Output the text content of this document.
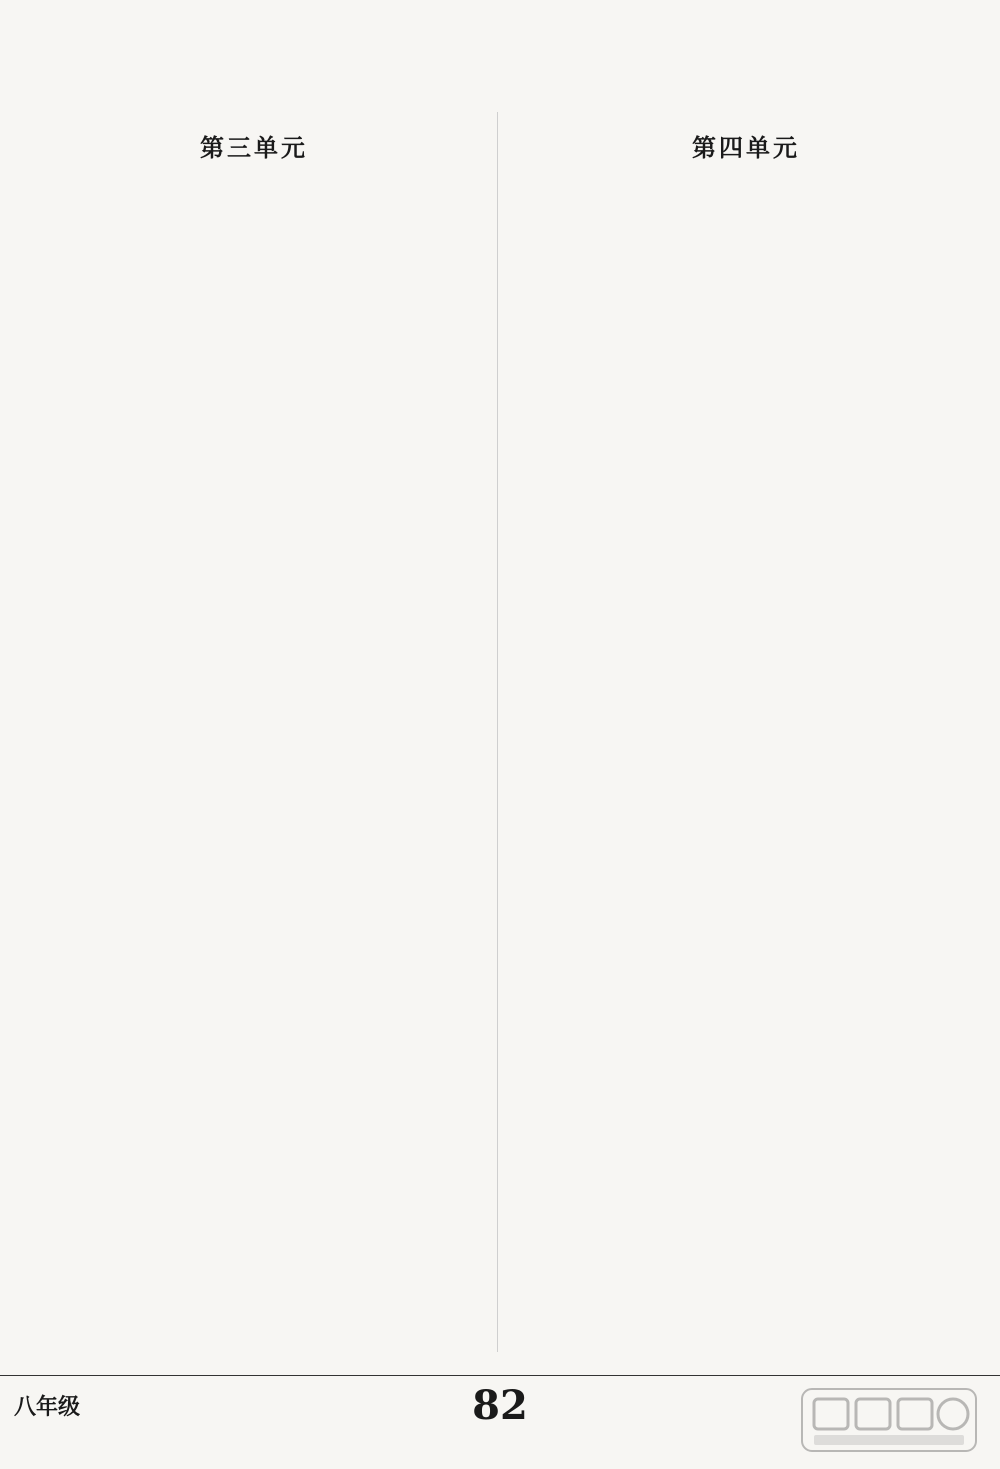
第三单元	第四单元
八年级	82
